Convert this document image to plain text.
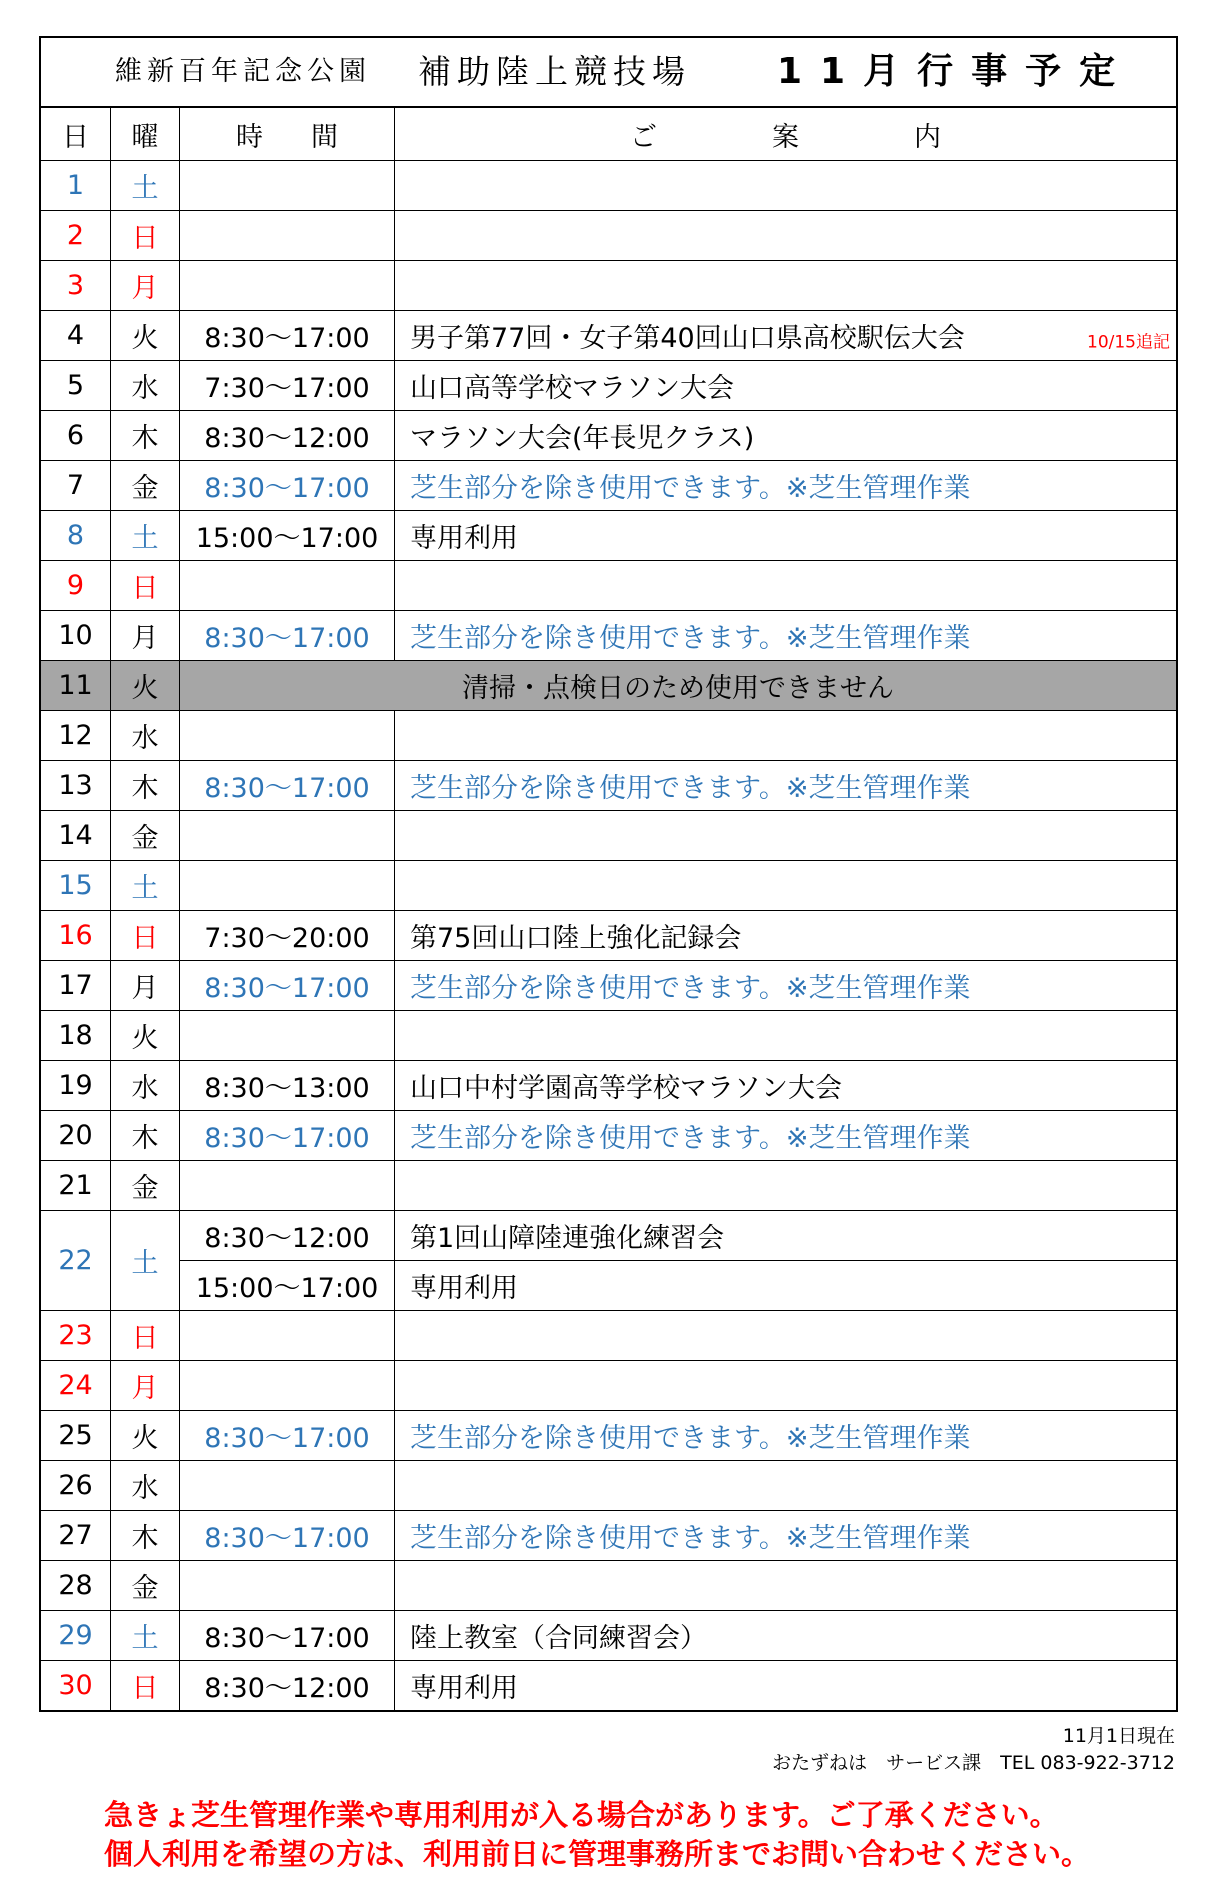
維新百年記念公園 補助陸上競技場 11月行事予定
日	曜	時間	ご案内
1	土
2	日
3	月
4	火	8:30〜17:00	男子第77回・女子第40回山口県高校駅伝大会	10/15追記
5	水	7:30〜17:00	山口高等学校マラソン大会
6	木	8:30〜12:00	マラソン大会(年長児クラス)
7	金	8:30〜17:00	芝生部分を除き使用できます。※芝生管理作業
8	土	15:00〜17:00	専用利用
9	日
10	月	8:30〜17:00	芝生部分を除き使用できます。※芝生管理作業
11	火	清掃・点検日のため使用できません
12	水
13	木	8:30〜17:00	芝生部分を除き使用できます。※芝生管理作業
14	金
15	土
16	日	7:30〜20:00	第75回山口陸上強化記録会
17	月	8:30〜17:00	芝生部分を除き使用できます。※芝生管理作業
18	火
19	水	8:30〜13:00	山口中村学園高等学校マラソン大会
20	木	8:30〜17:00	芝生部分を除き使用できます。※芝生管理作業
21	金
22	土
8:30〜12:00	第1回山障陸連強化練習会
15:00〜17:00	専用利用
23	日
24	月
25	火	8:30〜17:00	芝生部分を除き使用できます。※芝生管理作業
26	水
27	木	8:30〜17:00	芝生部分を除き使用できます。※芝生管理作業
28	金
29	土	8:30〜17:00	陸上教室（合同練習会）
30	日	8:30〜12:00	専用利用
11月1日現在
おたずねは　サービス課　TEL 083-922-3712
急きょ芝生管理作業や専用利用が入る場合があります。ご了承ください。
個人利用を希望の方は、利用前日に管理事務所までお問い合わせください。
